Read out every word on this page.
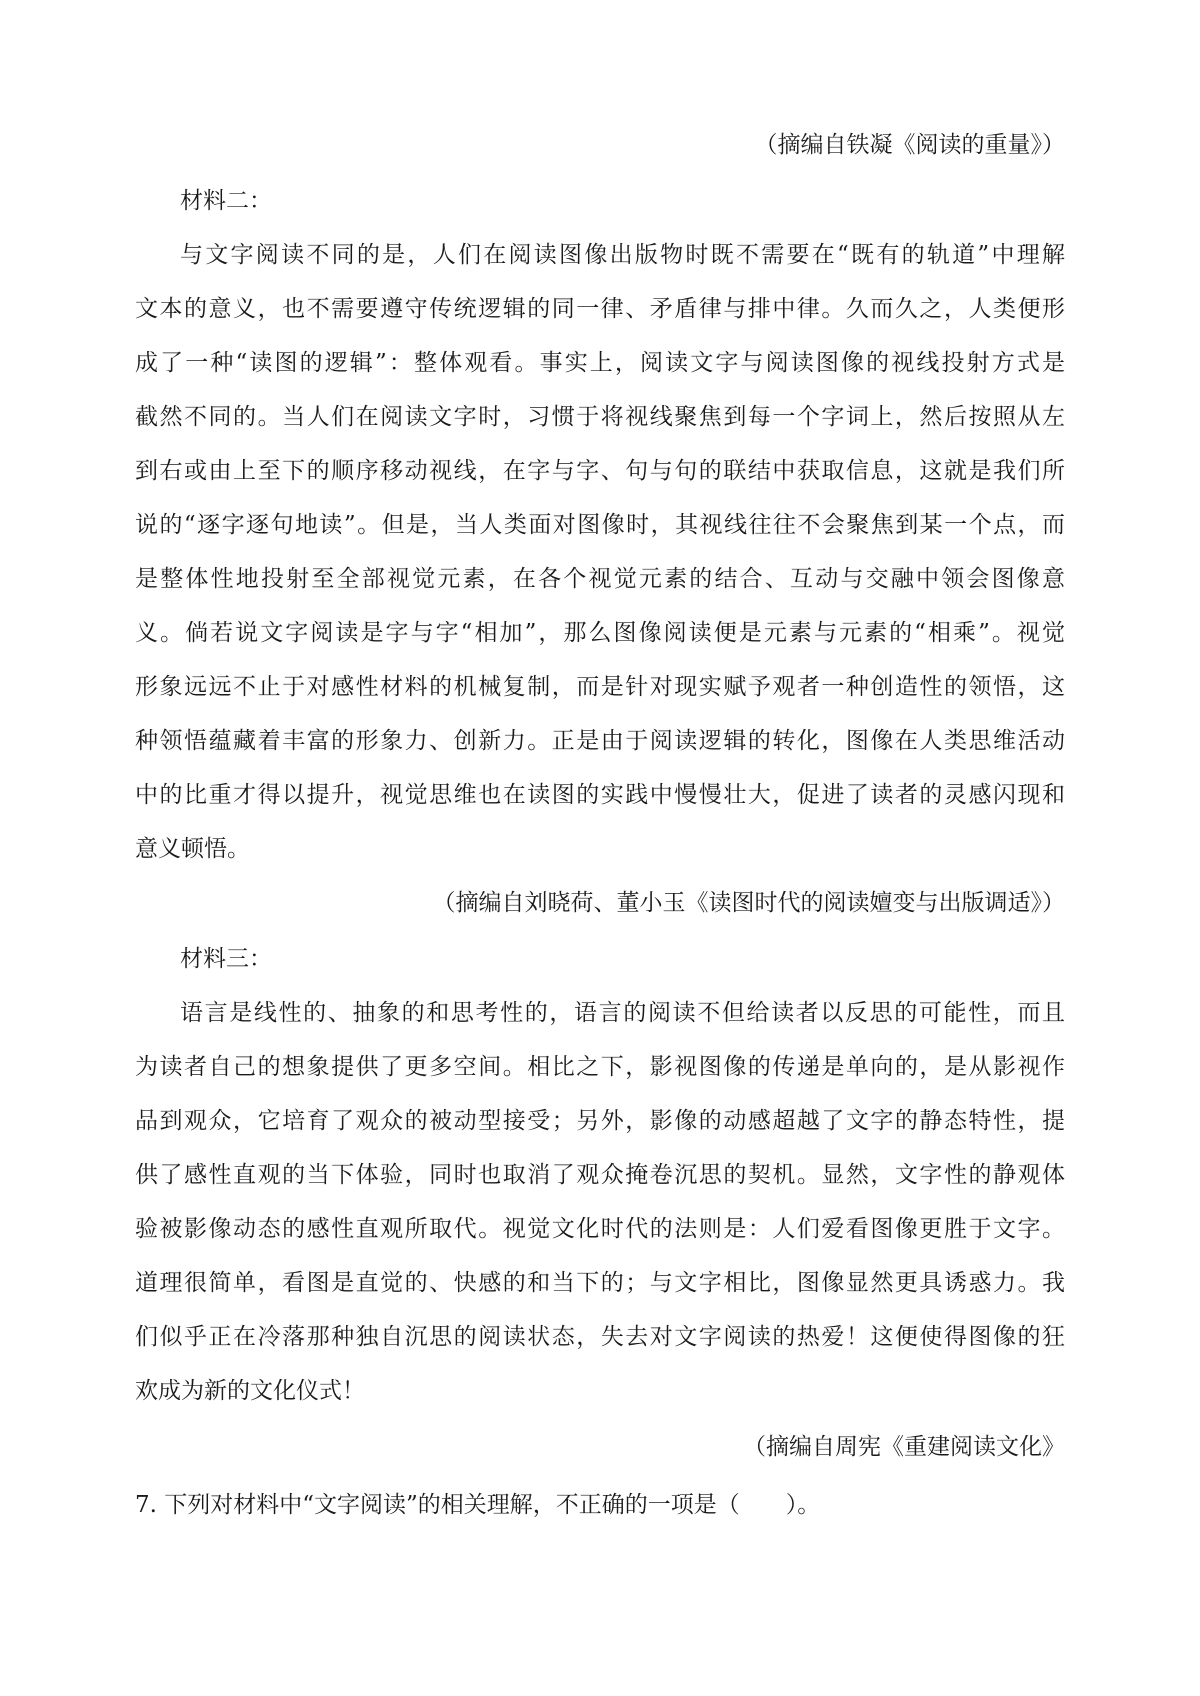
（摘编自铁凝《阅读的重量》）
材料二：
与文字阅读不同的是，人们在阅读图像出版物时既不需要在“既有的轨道”中理解
文本的意义，也不需要遵守传统逻辑的同一律、矛盾律与排中律。久而久之，人类便形
成了一种“读图的逻辑”：整体观看。事实上，阅读文字与阅读图像的视线投射方式是
截然不同的。当人们在阅读文字时，习惯于将视线聚焦到每一个字词上，然后按照从左
到右或由上至下的顺序移动视线，在字与字、句与句的联结中获取信息，这就是我们所
说的“逐字逐句地读”。但是，当人类面对图像时，其视线往往不会聚焦到某一个点，而
是整体性地投射至全部视觉元素，在各个视觉元素的结合、互动与交融中领会图像意
义。倘若说文字阅读是字与字“相加”，那么图像阅读便是元素与元素的“相乘”。视觉
形象远远不止于对感性材料的机械复制，而是针对现实赋予观者一种创造性的领悟，这
种领悟蕴藏着丰富的形象力、创新力。正是由于阅读逻辑的转化，图像在人类思维活动
中的比重才得以提升，视觉思维也在读图的实践中慢慢壮大，促进了读者的灵感闪现和
意义顿悟。
（摘编自刘晓荷、董小玉《读图时代的阅读嬗变与出版调适》）
材料三：
语言是线性的、抽象的和思考性的，语言的阅读不但给读者以反思的可能性，而且
为读者自己的想象提供了更多空间。相比之下，影视图像的传递是单向的，是从影视作
品到观众，它培育了观众的被动型接受；另外，影像的动感超越了文字的静态特性，提
供了感性直观的当下体验，同时也取消了观众掩卷沉思的契机。显然，文字性的静观体
验被影像动态的感性直观所取代。视觉文化时代的法则是：人们爱看图像更胜于文字。
道理很简单，看图是直觉的、快感的和当下的；与文字相比，图像显然更具诱惑力。我
们似乎正在冷落那种独自沉思的阅读状态，失去对文字阅读的热爱！这便使得图像的狂
欢成为新的文化仪式！
（摘编自周宪《重建阅读文化》
7. 下列对材料中“文字阅读”的相关理解，不正确的一项是（　　）。
